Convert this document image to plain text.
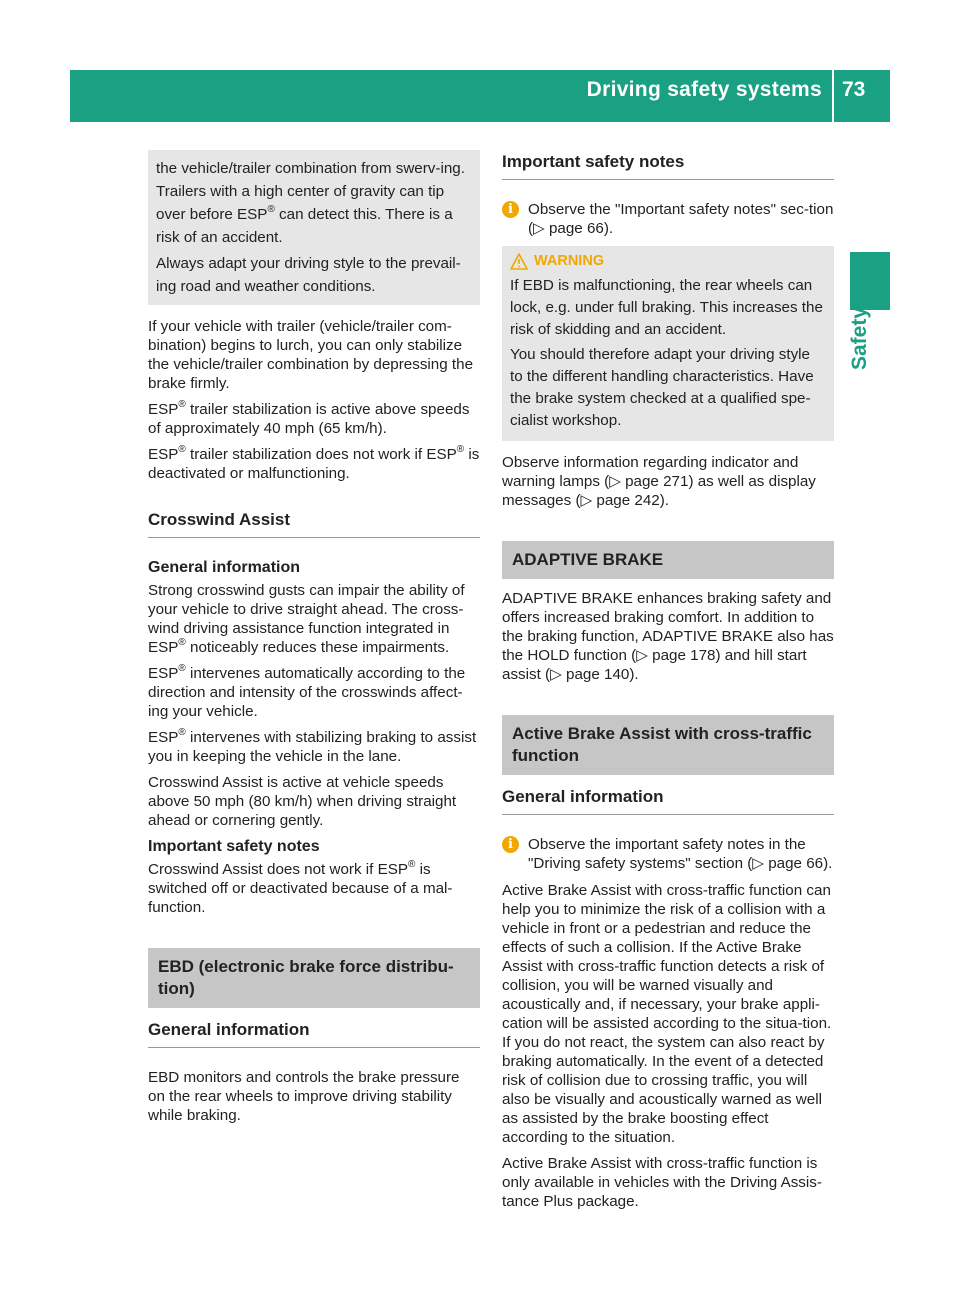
Driving safety systems 73
Safety

the vehicle/trailer combination from swerv-ing. Trailers with a high center of gravity can tip over before ESP® can detect this. There is a risk of an accident.

Always adapt your driving style to the prevail-ing road and weather conditions.

If your vehicle with trailer (vehicle/trailer com-bination) begins to lurch, you can only stabilize the vehicle/trailer combination by depressing the brake firmly.

ESP® trailer stabilization is active above speeds of approximately 40 mph (65 km/h).

ESP® trailer stabilization does not work if ESP® is deactivated or malfunctioning.

Crosswind Assist
General information

Strong crosswind gusts can impair the ability of your vehicle to drive straight ahead. The cross-wind driving assistance function integrated in ESP® noticeably reduces these impairments.

ESP® intervenes automatically according to the direction and intensity of the crosswinds affect-ing your vehicle.

ESP® intervenes with stabilizing braking to assist you in keeping the vehicle in the lane.

Crosswind Assist is active at vehicle speeds above 50 mph (80 km/h) when driving straight ahead or cornering gently.

Important safety notes

Crosswind Assist does not work if ESP® is switched off or deactivated because of a mal-function.

EBD (electronic brake force distribu-tion)
General information

EBD monitors and controls the brake pressure on the rear wheels to improve driving stability while braking.

Important safety notes
i Observe the "Important safety notes" sec-tion (▷ page 66).
WARNING

If EBD is malfunctioning, the rear wheels can lock, e.g. under full braking. This increases the risk of skidding and an accident.

You should therefore adapt your driving style to the different handling characteristics. Have the brake system checked at a qualified spe-cialist workshop.

Observe information regarding indicator and warning lamps (▷ page 271) as well as display messages (▷ page 242).

ADAPTIVE BRAKE

ADAPTIVE BRAKE enhances braking safety and offers increased braking comfort. In addition to the braking function, ADAPTIVE BRAKE also has the HOLD function (▷ page 178) and hill start assist (▷ page 140).

Active Brake Assist with cross-traffic function
General information
i Observe the important safety notes in the "Driving safety systems" section (▷ page 66).

Active Brake Assist with cross-traffic function can help you to minimize the risk of a collision with a vehicle in front or a pedestrian and reduce the effects of such a collision. If the Active Brake Assist with cross-traffic function detects a risk of collision, you will be warned visually and acoustically and, if necessary, your brake appli-cation will be assisted according to the situa-tion. If you do not react, the system can also react by braking automatically. In the event of a detected risk of collision due to crossing traffic, you will also be visually and acoustically warned as well as assisted by the brake boosting effect according to the situation.

Active Brake Assist with cross-traffic function is only available in vehicles with the Driving Assis-tance Plus package.
